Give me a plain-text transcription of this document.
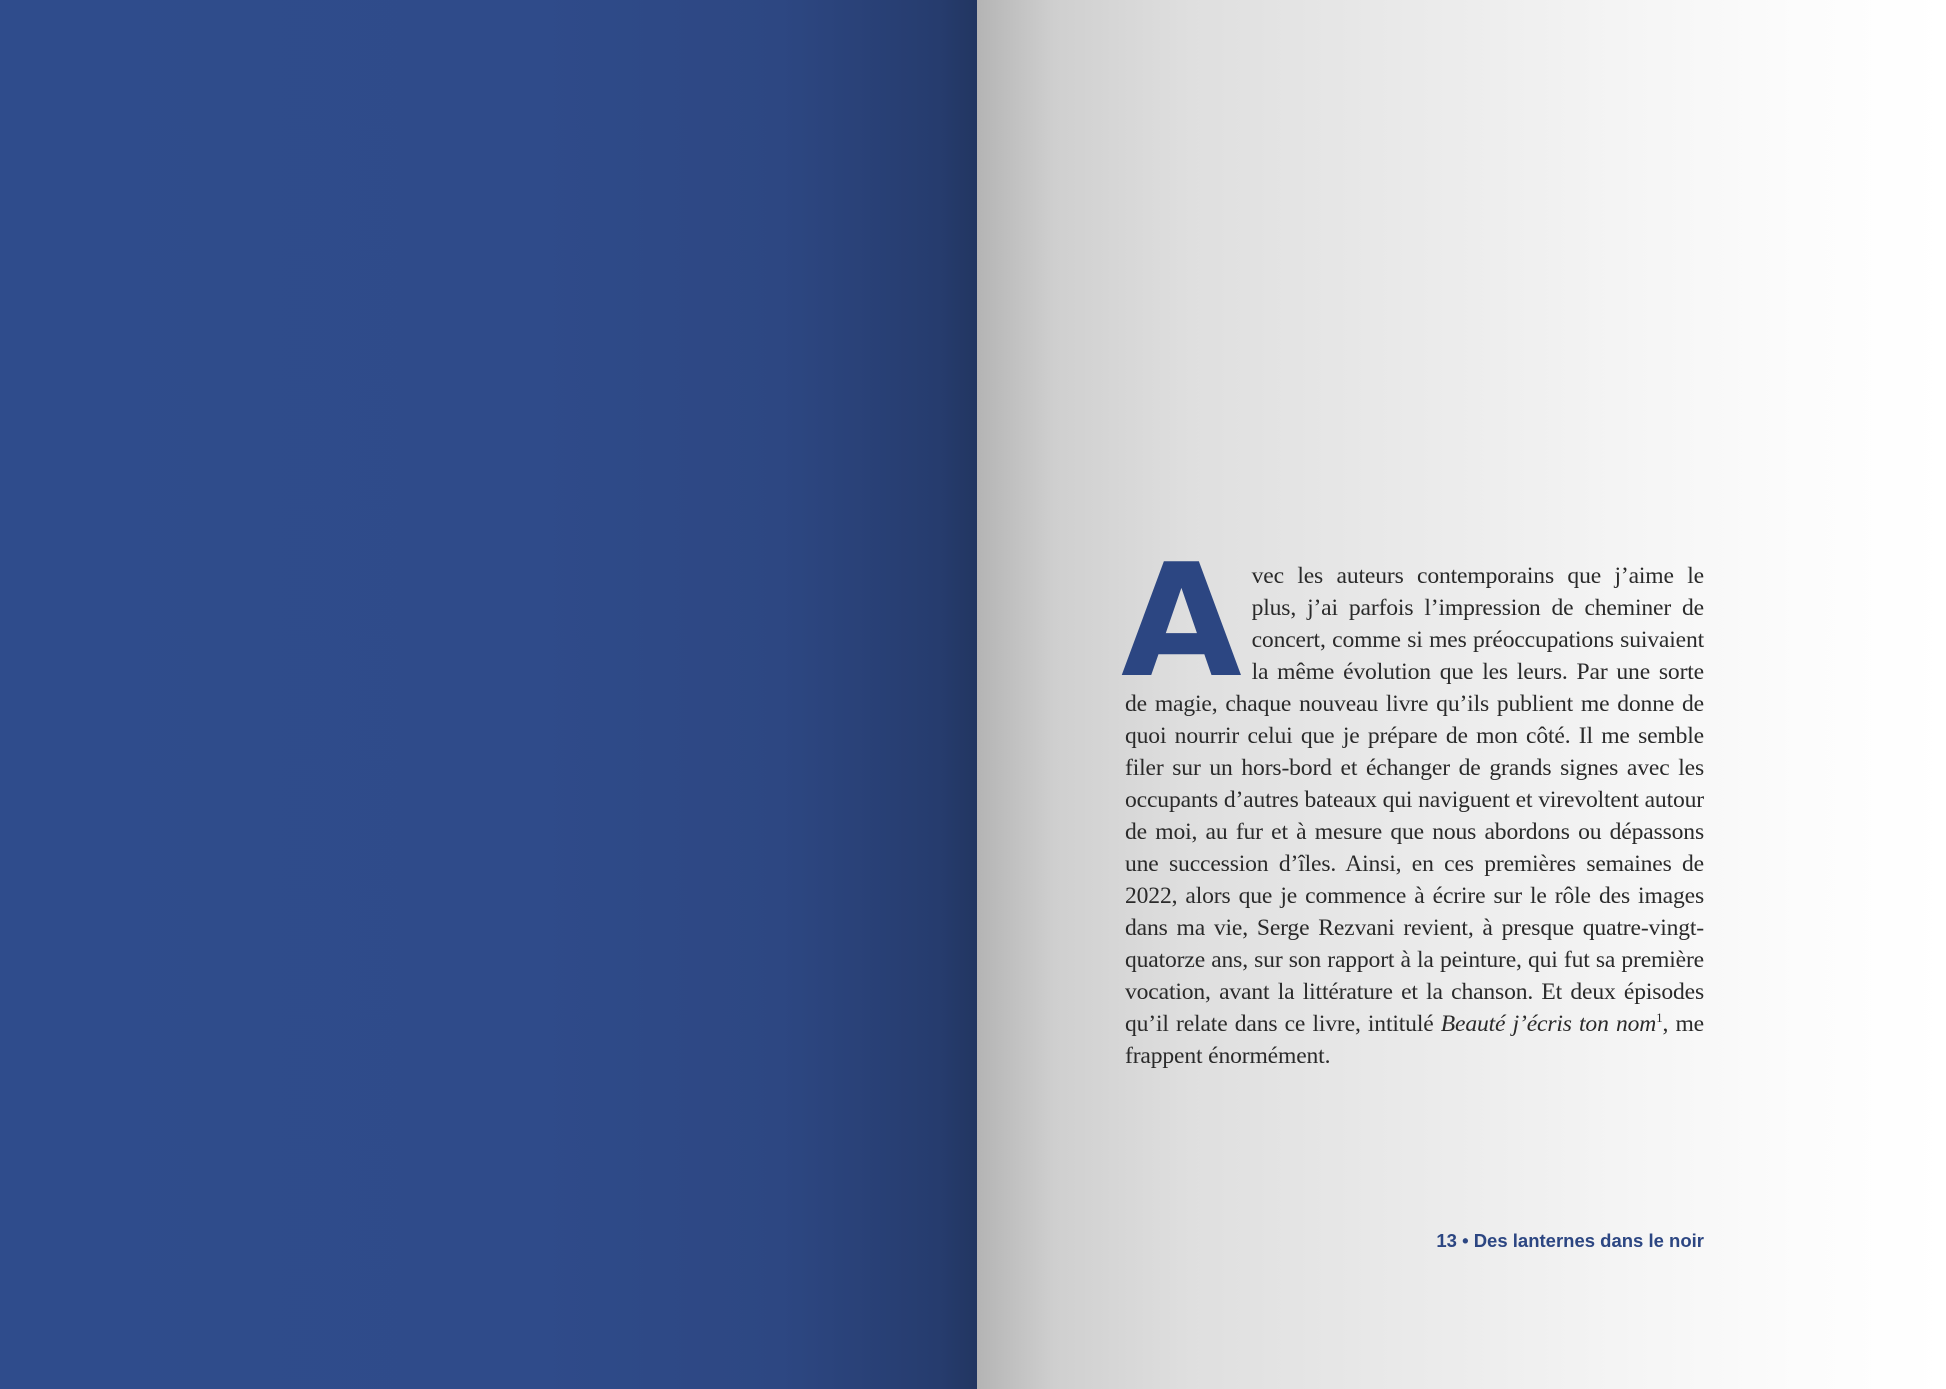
Avec les auteurs contemporains que j’aime le plus, j’ai parfois l’impression de cheminer de concert, comme si mes préoccupations suivaient la même évolution que les leurs. Par une sorte de magie, chaque nouveau livre qu’ils publient me donne de quoi nourrir celui que je prépare de mon côté. Il me semble filer sur un hors-bord et échanger de grands signes avec les occupants d’autres bateaux qui naviguent et virevoltent autour de moi, au fur et à mesure que nous abordons ou dépassons une succession d’îles. Ainsi, en ces premières semaines de 2022, alors que je commence à écrire sur le rôle des images dans ma vie, Serge Rezvani revient, à presque quatre-vingt-quatorze ans, sur son rapport à la peinture, qui fut sa première vocation, avant la littérature et la chanson. Et deux épisodes qu’il relate dans ce livre, intitulé Beauté j’écris ton nom$^1$, me frappent énormément.
13 • Des lanternes dans le noir
